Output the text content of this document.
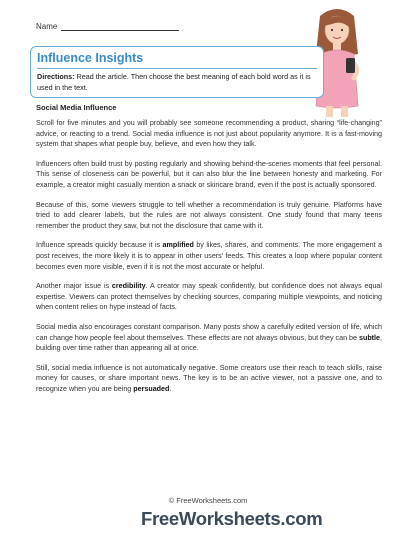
Name
Influence Insights
Directions: Read the article. Then choose the best meaning of each bold word as it is used in the text.
Social Media Influence

Scroll for five minutes and you will probably see someone recommending a product, sharing “life-changing” advice, or reacting to a trend. Social media influence is not just about popularity anymore. It is a fast-moving system that shapes what people buy, believe, and even how they talk.

Influencers often build trust by posting regularly and showing behind-the-scenes moments that feel personal. This sense of closeness can be powerful, but it can also blur the line between honesty and marketing. For example, a creator might casually mention a snack or skincare brand, even if the post is actually sponsored.

Because of this, some viewers struggle to tell whether a recommendation is truly genuine. Platforms have tried to add clearer labels, but the rules are not always consistent. One study found that many teens remember the product they saw, but not the disclosure that came with it.

Influence spreads quickly because it is amplified by likes, shares, and comments. The more engagement a post receives, the more likely it is to appear in other users' feeds. This creates a loop where popular content becomes even more visible, even if it is not the most accurate or helpful.

Another major issue is credibility. A creator may speak confidently, but confidence does not always equal expertise. Viewers can protect themselves by checking sources, comparing multiple viewpoints, and noticing when content relies on hype instead of facts.

Social media also encourages constant comparison. Many posts show a carefully edited version of life, which can change how people feel about themselves. These effects are not always obvious, but they can be subtle, building over time rather than appearing all at once.

Still, social media influence is not automatically negative. Some creators use their reach to teach skills, raise money for causes, or share important news. The key is to be an active viewer, not a passive one, and to recognize when you are being persuaded.

© FreeWorksheets.com
FreeWorksheets.com
